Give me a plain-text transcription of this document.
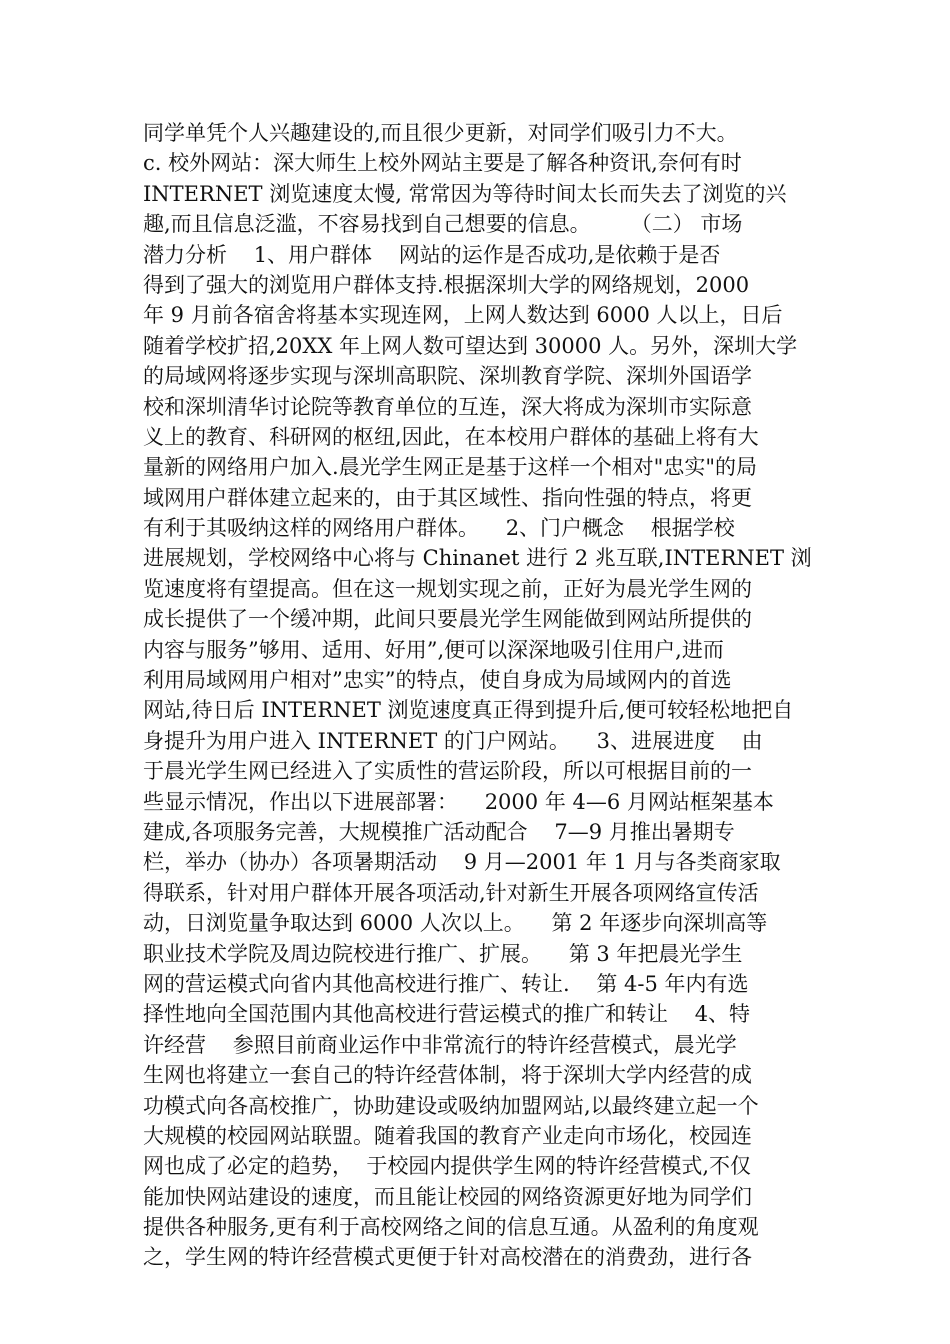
同学单凭个人兴趣建设的,而且很少更新，对同学们吸引力不大。
c. 校外网站：深大师生上校外网站主要是了解各种资讯,奈何有时
INTERNET 浏览速度太慢, 常常因为等待时间太长而失去了浏览的兴
趣,而且信息泛滥，不容易找到自己想要的信息。      （二） 市场
潜力分析    1、用户群体    网站的运作是否成功,是依赖于是否
得到了强大的浏览用户群体支持.根据深圳大学的网络规划，2000
年 9 月前各宿舍将基本实现连网，上网人数达到 6000 人以上，日后
随着学校扩招,20XX 年上网人数可望达到 30000 人。另外，深圳大学
的局域网将逐步实现与深圳高职院、深圳教育学院、深圳外国语学
校和深圳清华讨论院等教育单位的互连，深大将成为深圳市实际意
义上的教育、科研网的枢纽,因此，在本校用户群体的基础上将有大
量新的网络用户加入.晨光学生网正是基于这样一个相对"忠实"的局
域网用户群体建立起来的，由于其区域性、指向性强的特点，将更
有利于其吸纳这样的网络用户群体。    2、门户概念    根据学校
进展规划，学校网络中心将与 Chinanet 进行 2 兆互联,INTERNET 浏
览速度将有望提高。但在这一规划实现之前，正好为晨光学生网的
成长提供了一个缓冲期，此间只要晨光学生网能做到网站所提供的
内容与服务”够用、适用、好用”,便可以深深地吸引住用户,进而
利用局域网用户相对”忠实”的特点，使自身成为局域网内的首选
网站,待日后 INTERNET 浏览速度真正得到提升后,便可较轻松地把自
身提升为用户进入 INTERNET 的门户网站。    3、进展进度    由
于晨光学生网已经进入了实质性的营运阶段，所以可根据目前的一
些显示情况，作出以下进展部署：    2000 年 4—6 月网站框架基本
建成,各项服务完善，大规模推广活动配合    7—9 月推出暑期专
栏，举办（协办）各项暑期活动    9 月—2001 年 1 月与各类商家取
得联系，针对用户群体开展各项活动,针对新生开展各项网络宣传活
动，日浏览量争取达到 6000 人次以上。    第 2 年逐步向深圳高等
职业技术学院及周边院校进行推广、扩展。    第 3 年把晨光学生
网的营运模式向省内其他高校进行推广、转让.    第 4-5 年内有选
择性地向全国范围内其他高校进行营运模式的推广和转让    4、特
许经营    参照目前商业运作中非常流行的特许经营模式，晨光学
生网也将建立一套自己的特许经营体制，将于深圳大学内经营的成
功模式向各高校推广，协助建设或吸纳加盟网站,以最终建立起一个
大规模的校园网站联盟。随着我国的教育产业走向市场化，校园连
网也成了必定的趋势，  于校园内提供学生网的特许经营模式,不仅
能加快网站建设的速度，而且能让校园的网络资源更好地为同学们
提供各种服务,更有利于高校网络之间的信息互通。从盈利的角度观
之，学生网的特许经营模式更便于针对高校潜在的消费劲，进行各
